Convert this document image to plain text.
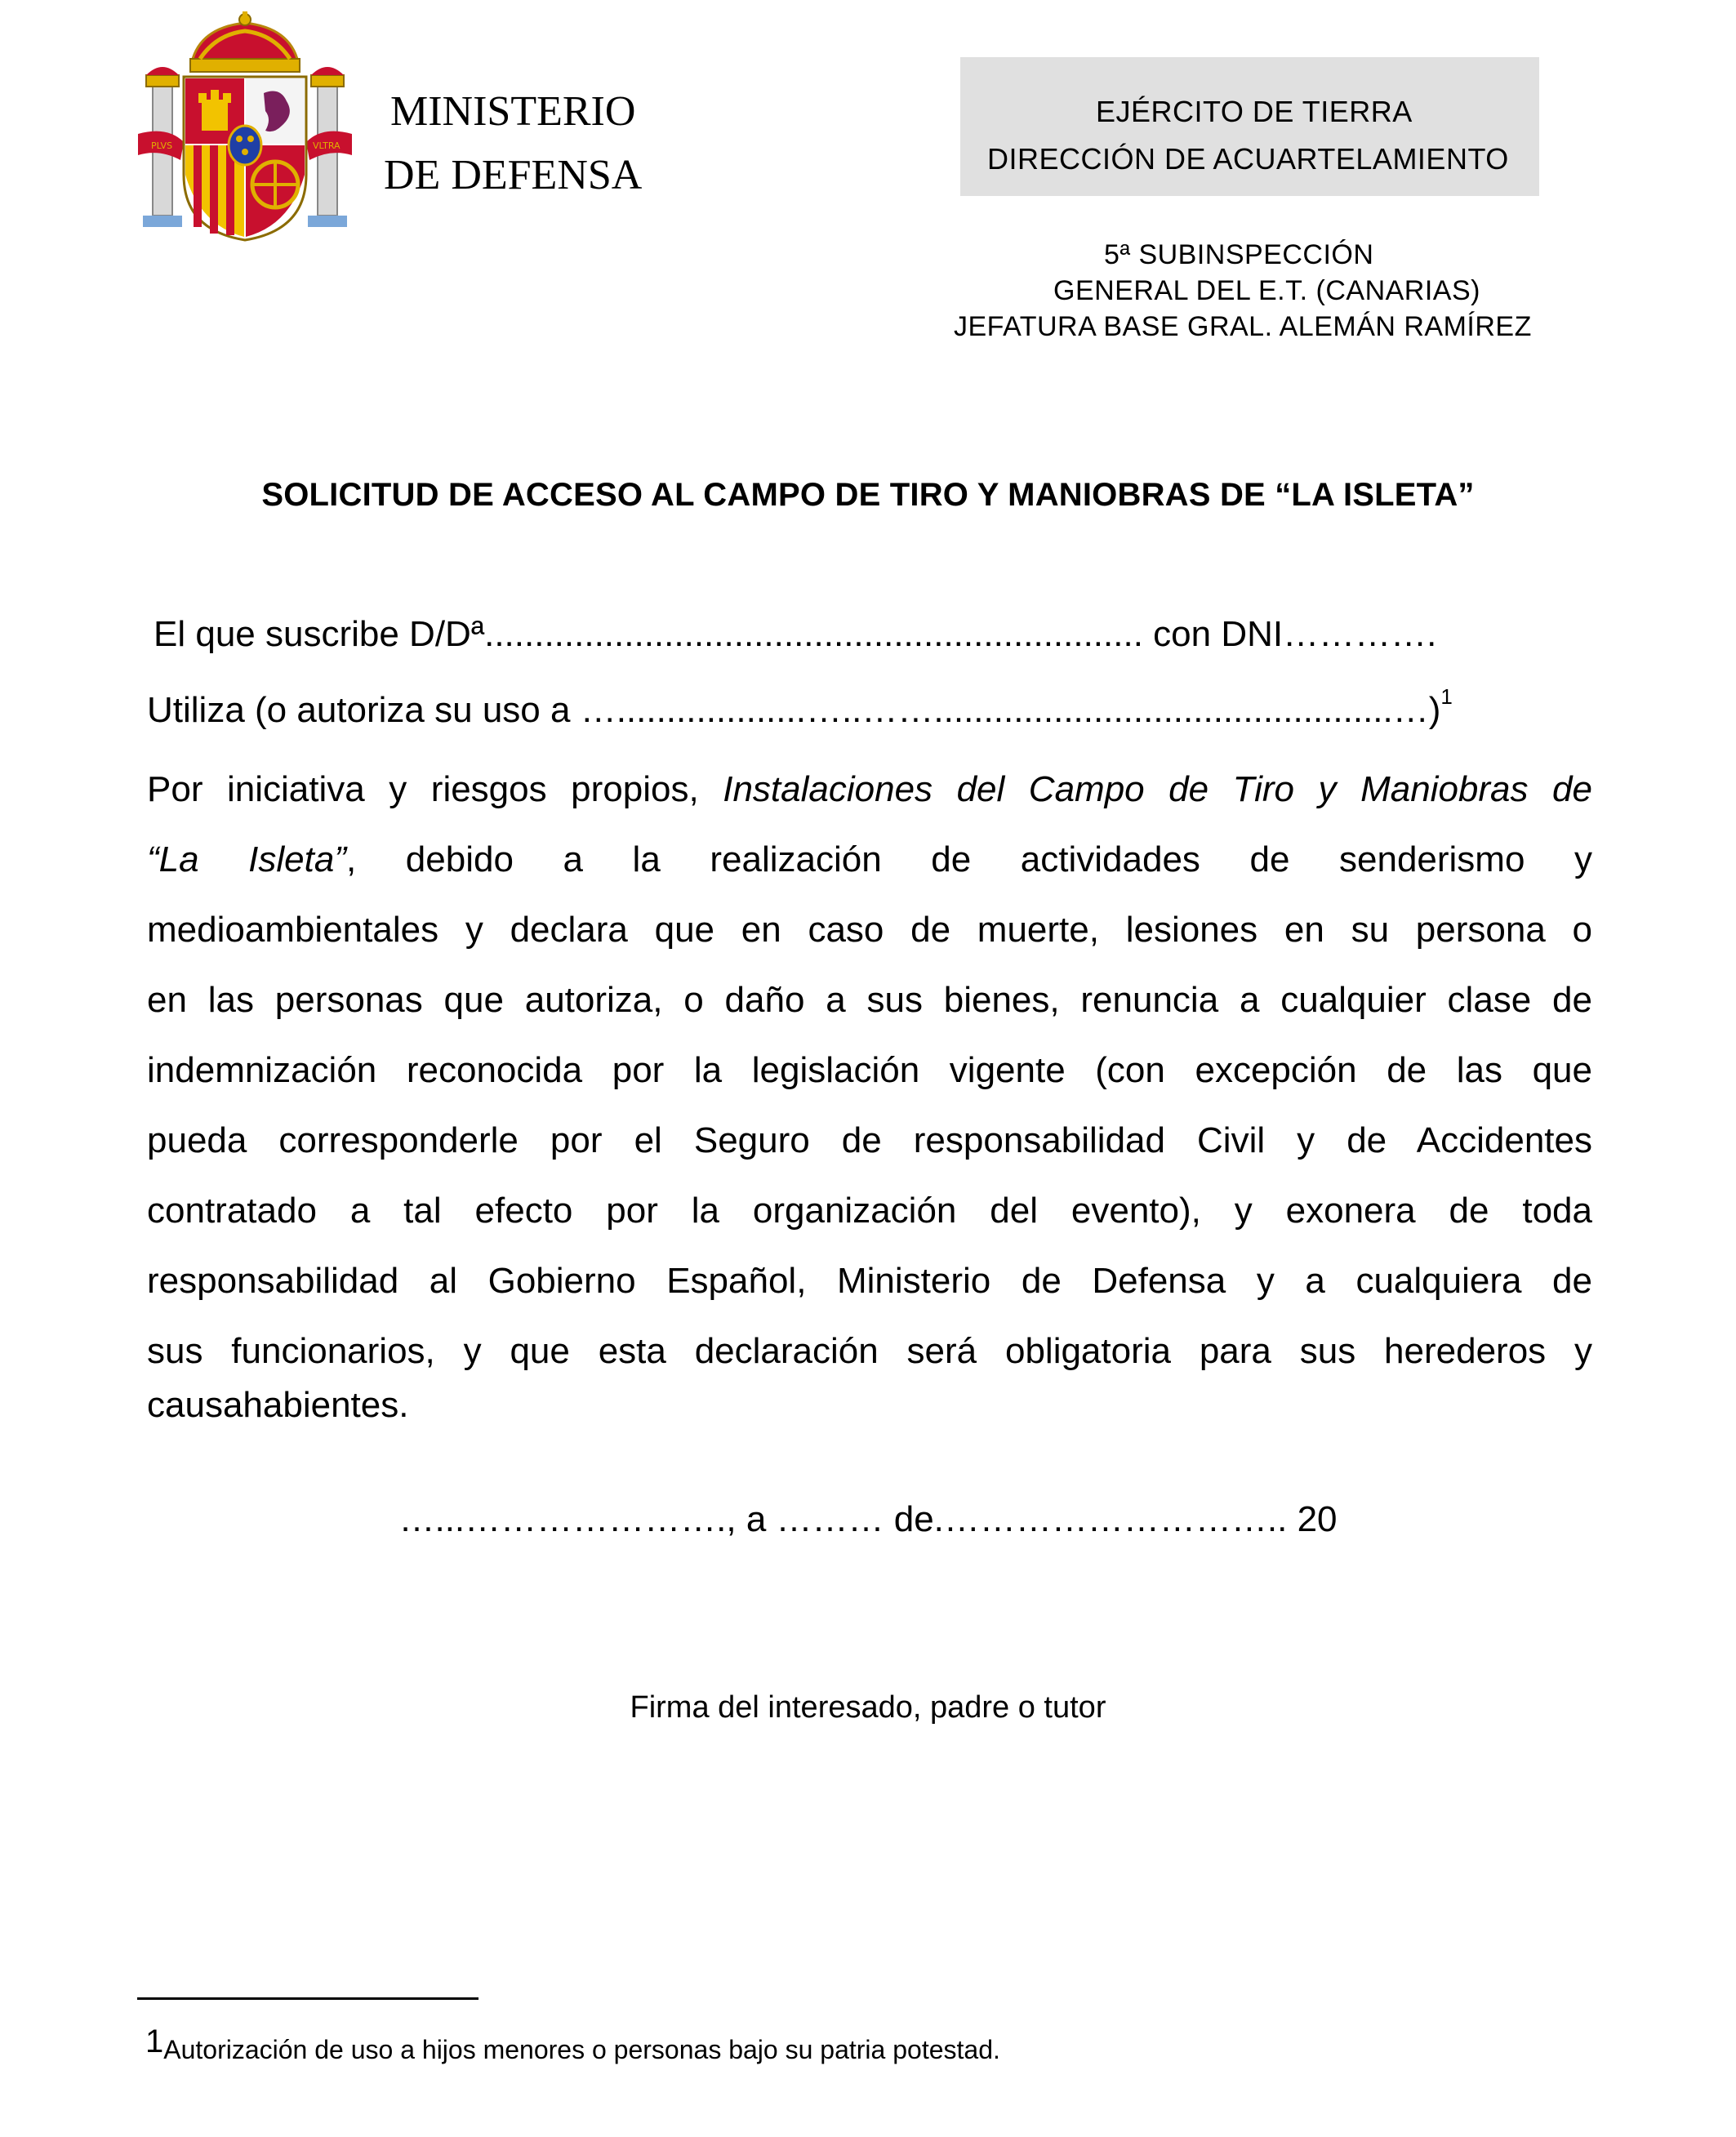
PLVS	VLTRA
MINISTERIO
DE DEFENSA
EJÉRCITO DE TIERRA
DIRECCIÓN DE ACUARTELAMIENTO
5ª SUBINSPECCIÓN
GENERAL DEL E.T. (CANARIAS)
JEFATURA BASE GRAL. ALEMÁN RAMÍREZ
SOLICITUD DE ACCESO AL CAMPO DE TIRO Y MANIOBRAS DE “LA ISLETA”
El que suscribe D/Dª.................................................................. con DNI………….
Utiliza (o autoriza su uso a …...................…..……..............................................…)$^1$
Por iniciativa y riesgos propios, Instalaciones del Campo de Tiro y Maniobras de
“La Isleta”, debido a la realización de actividades de senderismo y
medioambientales y declara que en caso de muerte, lesiones en su persona o
en las personas que autoriza, o daño a sus bienes, renuncia a cualquier clase de
indemnización reconocida por la legislación vigente (con excepción de las que
pueda corresponderle por el Seguro de responsabilidad Civil y de Accidentes
contratado a tal efecto por la organización del evento), y exonera de toda
responsabilidad al Gobierno Español, Ministerio de Defensa y a cualquiera de
sus funcionarios, y que esta declaración será obligatoria para sus herederos y
causahabientes.
…...…………………., a ……… de.……………………….. 20
Firma del interesado, padre o tutor
1Autorización de uso a hijos menores o personas bajo su patria potestad.
